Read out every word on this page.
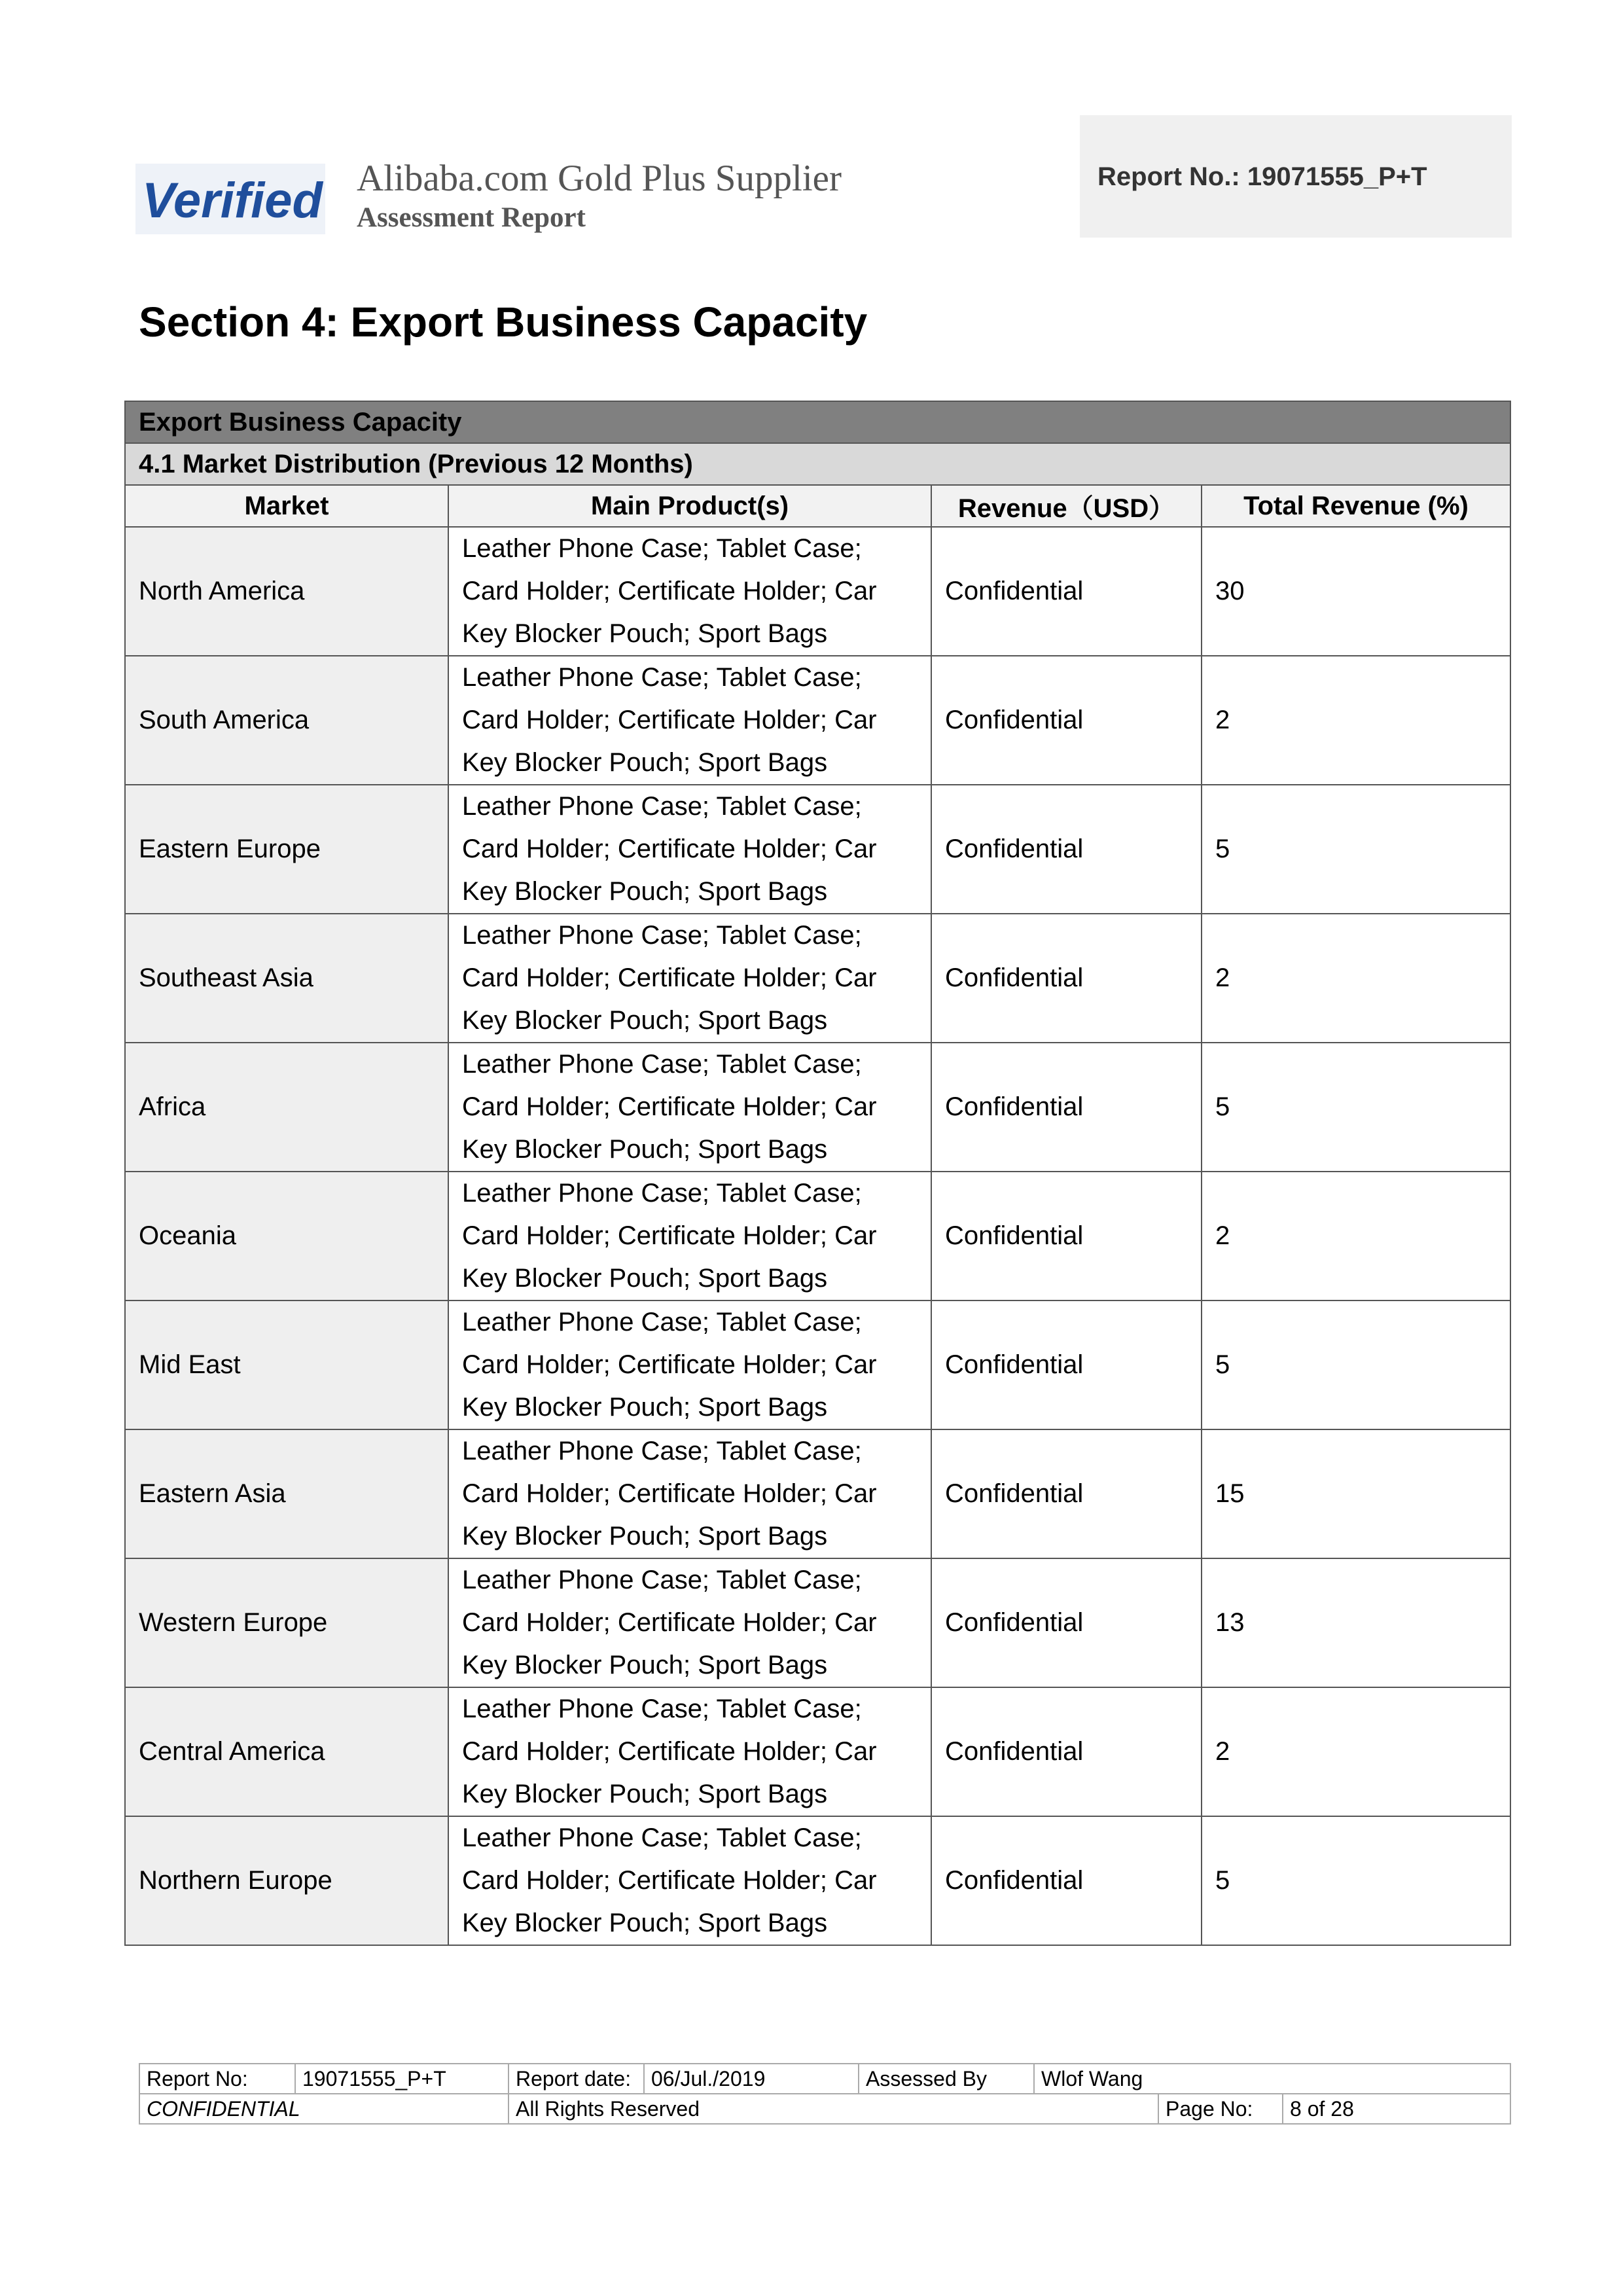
Verified Alibaba.com Gold Plus Supplier
Assessment Report
Report No.: 19071555_P+T
Section 4: Export Business Capacity
Export Business Capacity			
4.1 Market Distribution (Previous 12 Months)			
Market	Main Product(s)	Revenue（USD）	Total Revenue (%)
North America	Leather Phone Case; Tablet Case; Card Holder; Certificate Holder; Car Key Blocker Pouch; Sport Bags	Confidential	30
South America	Leather Phone Case; Tablet Case; Card Holder; Certificate Holder; Car Key Blocker Pouch; Sport Bags	Confidential	2
Eastern Europe	Leather Phone Case; Tablet Case; Card Holder; Certificate Holder; Car Key Blocker Pouch; Sport Bags	Confidential	5
Southeast Asia	Leather Phone Case; Tablet Case; Card Holder; Certificate Holder; Car Key Blocker Pouch; Sport Bags	Confidential	2
Africa	Leather Phone Case; Tablet Case; Card Holder; Certificate Holder; Car Key Blocker Pouch; Sport Bags	Confidential	5
Oceania	Leather Phone Case; Tablet Case; Card Holder; Certificate Holder; Car Key Blocker Pouch; Sport Bags	Confidential	2
Mid East	Leather Phone Case; Tablet Case; Card Holder; Certificate Holder; Car Key Blocker Pouch; Sport Bags	Confidential	5
Eastern Asia	Leather Phone Case; Tablet Case; Card Holder; Certificate Holder; Car Key Blocker Pouch; Sport Bags	Confidential	15
Western Europe	Leather Phone Case; Tablet Case; Card Holder; Certificate Holder; Car Key Blocker Pouch; Sport Bags	Confidential	13
Central America	Leather Phone Case; Tablet Case; Card Holder; Certificate Holder; Car Key Blocker Pouch; Sport Bags	Confidential	2
Northern Europe	Leather Phone Case; Tablet Case; Card Holder; Certificate Holder; Car Key Blocker Pouch; Sport Bags	Confidential	5
Report No:	19071555_P+T	Report date:	06/Jul./2019	Assessed By	Wlof Wang		
CONFIDENTIAL		All Rights Reserved				Page No:	8 of 28
